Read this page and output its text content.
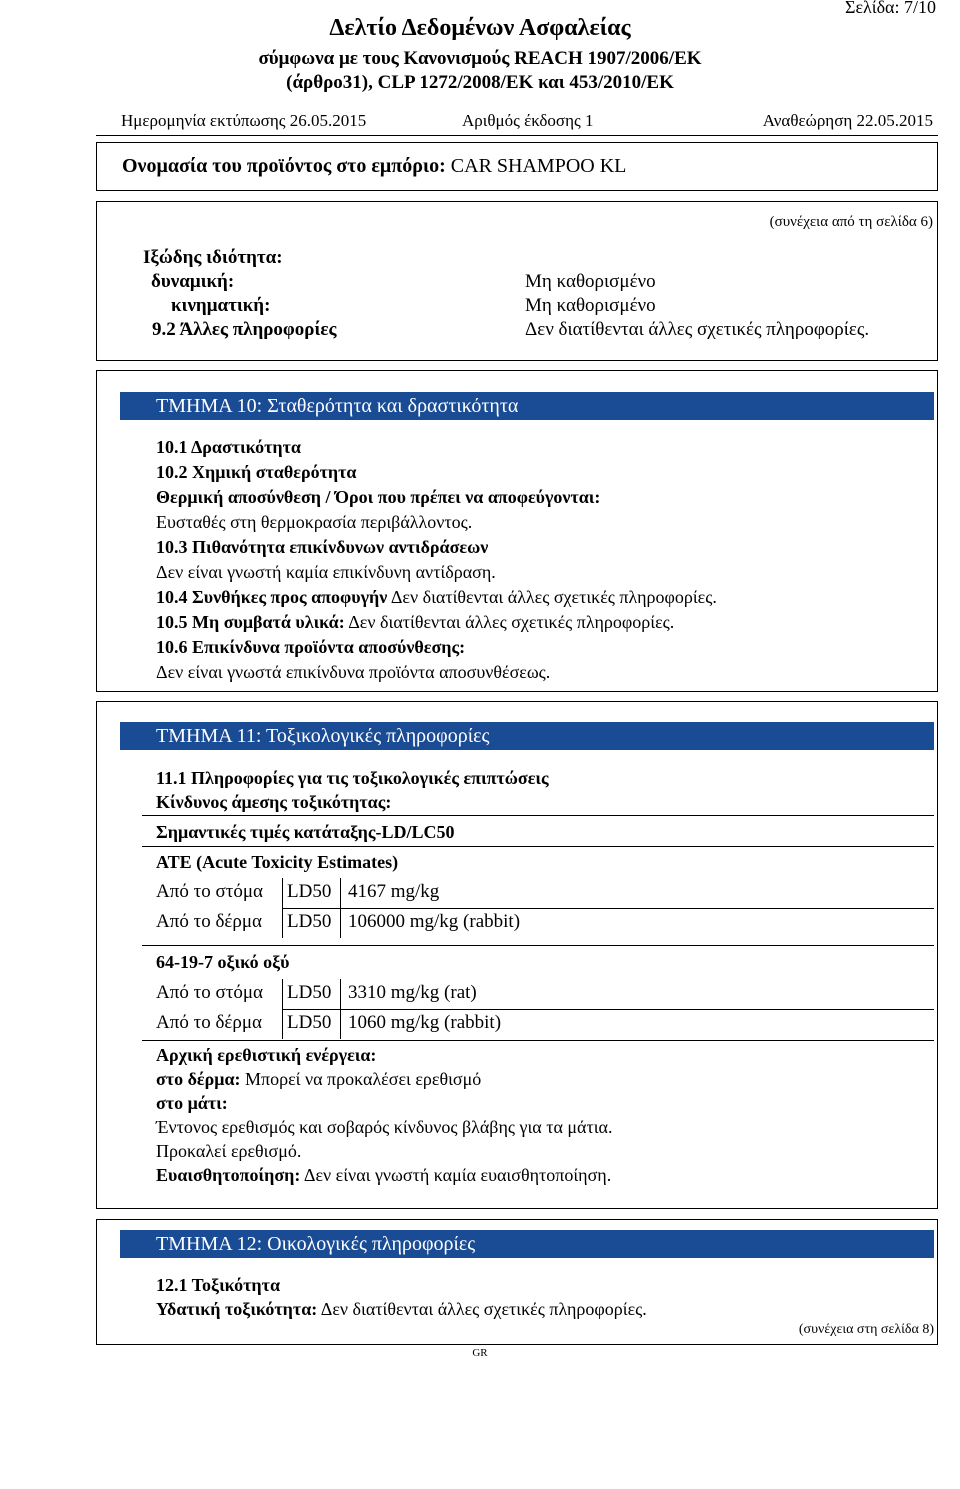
Σελίδα: 7/10
Δελτίο Δεδομένων Ασφαλείας
σύμφωνα με τους Κανονισμούς REACH 1907/2006/ΕΚ
(άρθρο31), CLP 1272/2008/ΕΚ και 453/2010/ΕΚ
Ημερομηνία εκτύπωσης 26.05.2015	Αριθμός έκδοσης 1	Αναθεώρηση 22.05.2015
Ονομασία του προϊόντος στο εμπόριο: CAR SHAMPOO KL
(συνέχεια από τη σελίδα 6)
Ιξώδης ιδιότητα:
δυναμική:	Μη καθορισμένο
κινηματική:	Μη καθορισμένο
9.2 Άλλες πληροφορίες	Δεν διατίθενται άλλες σχετικές πληροφορίες.
ΤΜΗΜΑ 10: Σταθερότητα και δραστικότητα
10.1 Δραστικότητα
10.2 Χημική σταθερότητα
Θερμική αποσύνθεση / Όροι που πρέπει να αποφεύγονται:
Ευσταθές στη θερμοκρασία περιβάλλοντος.
10.3 Πιθανότητα επικίνδυνων αντιδράσεων
Δεν είναι γνωστή καμία επικίνδυνη αντίδραση.
10.4 Συνθήκες προς αποφυγήν Δεν διατίθενται άλλες σχετικές πληροφορίες.
10.5 Μη συμβατά υλικά: Δεν διατίθενται άλλες σχετικές πληροφορίες.
10.6 Επικίνδυνα προϊόντα αποσύνθεσης:
Δεν είναι γνωστά επικίνδυνα προϊόντα αποσυνθέσεως.
ΤΜΗΜΑ 11: Τοξικολογικές πληροφορίες
11.1 Πληροφορίες για τις τοξικολογικές επιπτώσεις
Κίνδυνος άμεσης τοξικότητας:
Σημαντικές τιμές κατάταξης-LD/LC50
ATE (Acute Toxicity Estimates)
Από το στόμα LD50 4167 mg/kg
Από το δέρμα LD50 106000 mg/kg (rabbit)
64-19-7 οξικό οξύ
Από το στόμα LD50 3310 mg/kg (rat)
Από το δέρμα LD50 1060 mg/kg (rabbit)
Αρχική ερεθιστική ενέργεια:
στο δέρμα: Μπορεί να προκαλέσει ερεθισμό
στο μάτι:
Έντονος ερεθισμός και σοβαρός κίνδυνος βλάβης για τα μάτια.
Προκαλεί ερεθισμό.
Ευαισθητοποίηση: Δεν είναι γνωστή καμία ευαισθητοποίηση.
ΤΜΗΜΑ 12: Οικολογικές πληροφορίες
12.1 Τοξικότητα
Υδατική τοξικότητα: Δεν διατίθενται άλλες σχετικές πληροφορίες.
(συνέχεια στη σελίδα 8)
GR
